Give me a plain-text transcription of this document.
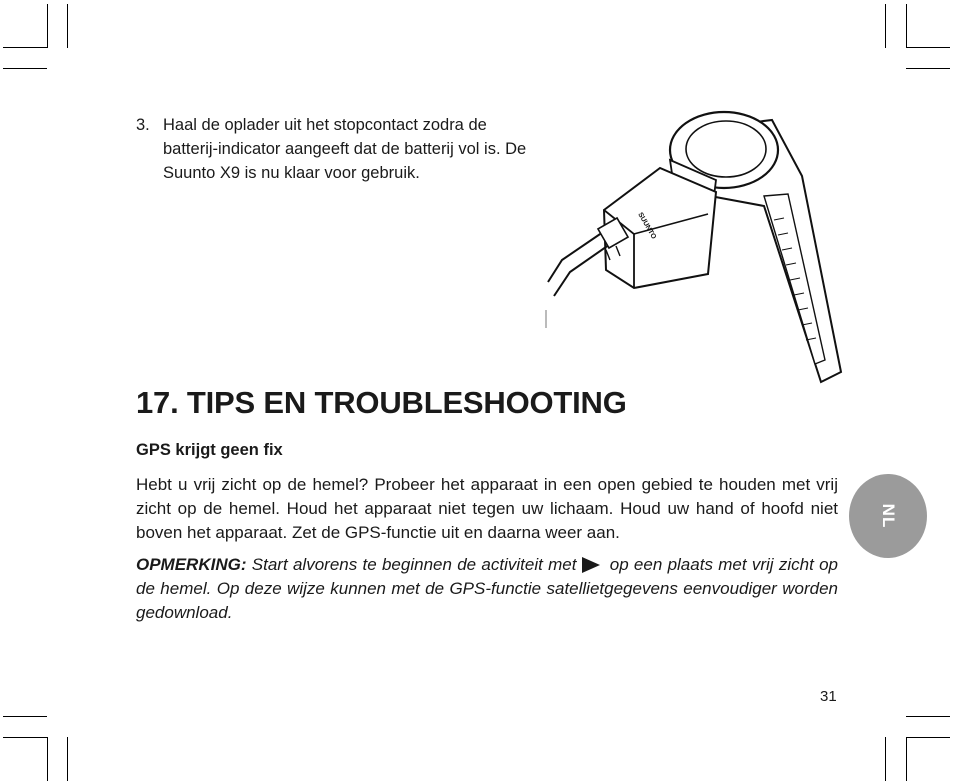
3. Haal de oplader uit het stopcontact zodra de batterij-indicator aangeeft dat de batterij vol is. De Suunto X9 is nu klaar voor gebruik.
SUUNTO
17. TIPS EN TROUBLESHOOTING
GPS krijgt geen fix

Hebt u vrij zicht op de hemel? Probeer het apparaat in een open gebied te houden met vrij zicht op de hemel. Houd het apparaat niet tegen uw lichaam. Houd uw hand of hoofd niet boven het apparaat. Zet de GPS-functie uit en daarna weer aan.

OPMERKING: Start alvorens te beginnen de activiteit met op een plaats met vrij zicht op de hemel. Op deze wijze kunnen met de GPS-functie satellietgegevens eenvoudiger worden gedownload.

NL
31
